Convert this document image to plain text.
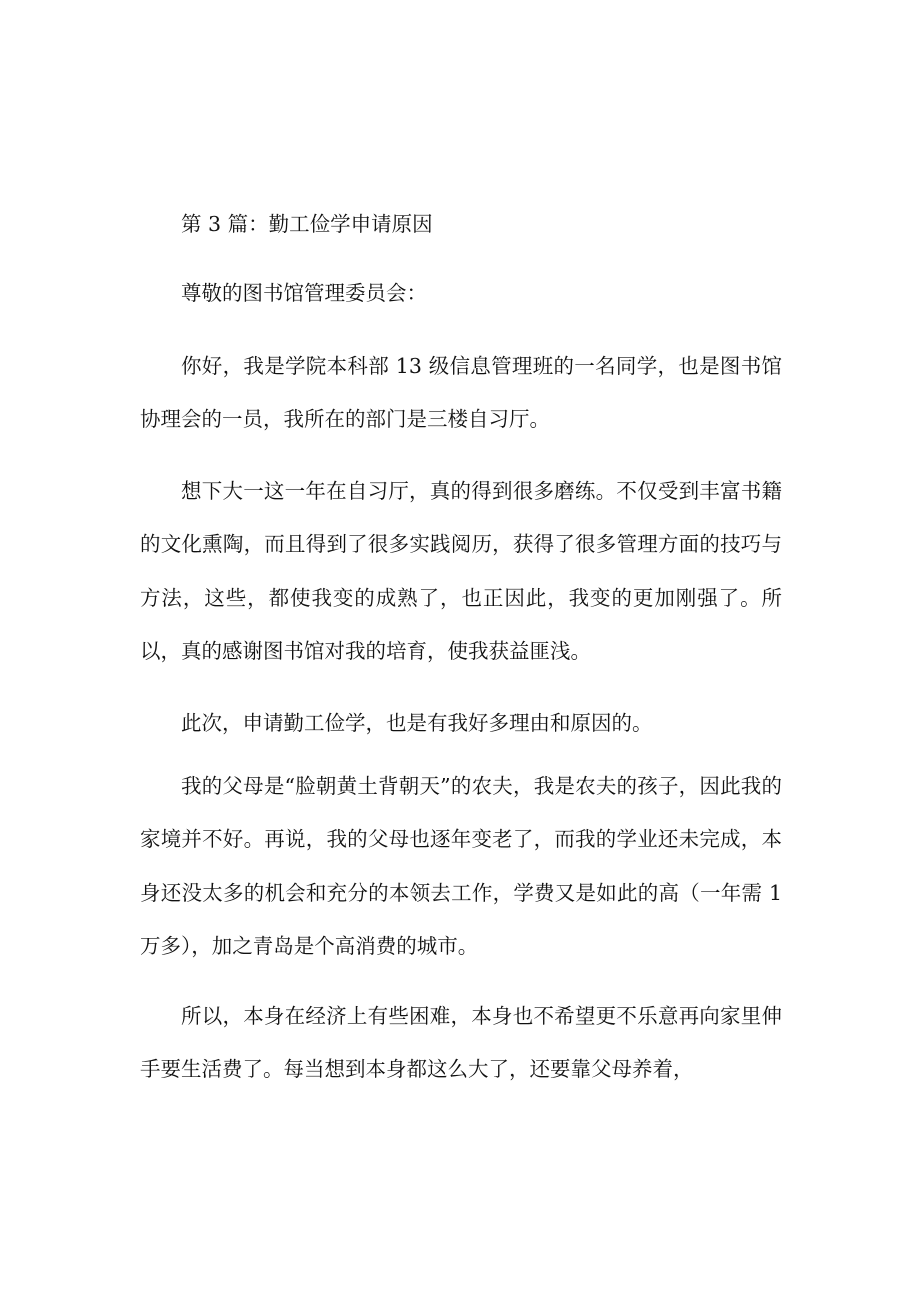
第 3 篇：勤工俭学申请原因
尊敬的图书馆管理委员会：
你好，我是学院本科部 13 级信息管理班的一名同学，也是图书馆协理会的一员，我所在的部门是三楼自习厅。
想下大一这一年在自习厅，真的得到很多磨练。不仅受到丰富书籍的文化熏陶，而且得到了很多实践阅历，获得了很多管理方面的技巧与方法，这些，都使我变的成熟了，也正因此，我变的更加刚强了。所以，真的感谢图书馆对我的培育，使我获益匪浅。
此次，申请勤工俭学，也是有我好多理由和原因的。
我的父母是“脸朝黄土背朝天”的农夫，我是农夫的孩子，因此我的家境并不好。再说，我的父母也逐年变老了，而我的学业还未完成，本身还没太多的机会和充分的本领去工作，学费又是如此的高（一年需 1 万多），加之青岛是个高消费的城市。
所以，本身在经济上有些困难，本身也不希望更不乐意再向家里伸手要生活费了。每当想到本身都这么大了，还要靠父母养着，
